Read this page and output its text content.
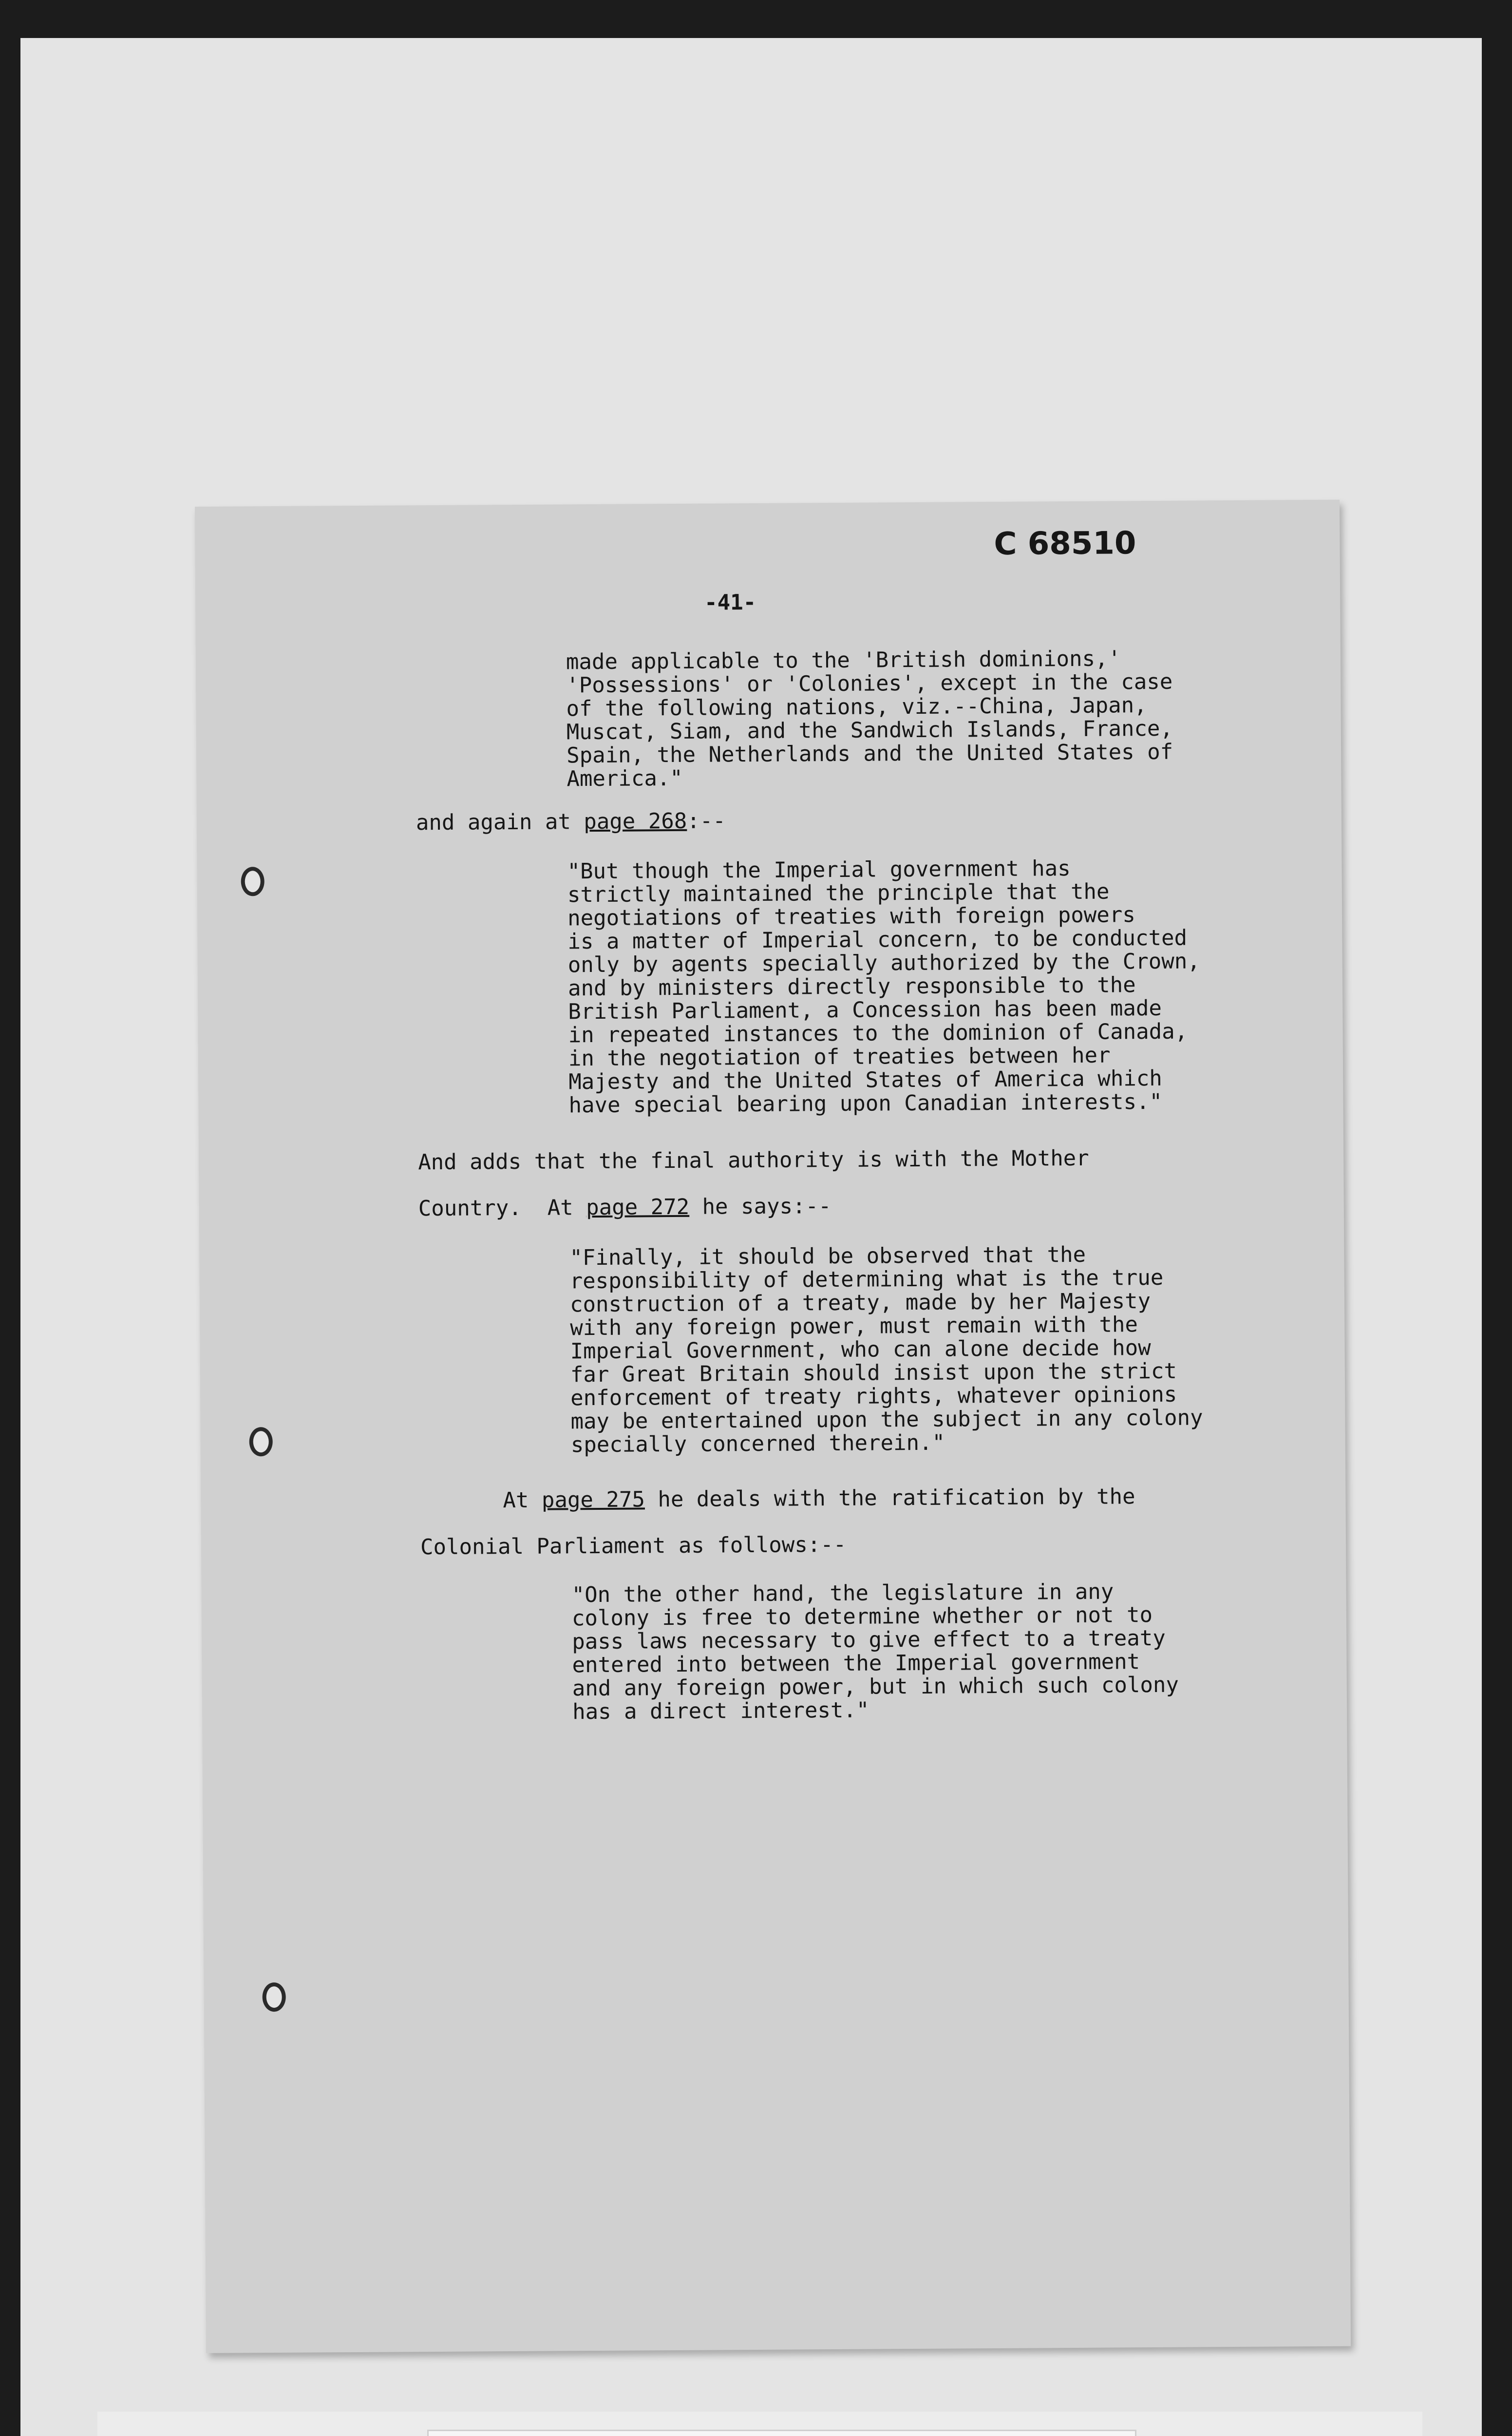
C 68510
-41-
made applicable to the 'British dominions,'
'Possessions' or 'Colonies', except in the case
of the following nations, viz.--China, Japan,
Muscat, Siam, and the Sandwich Islands, France,
Spain, the Netherlands and the United States of
America."
and again at page 268:--
"But though the Imperial government has
strictly maintained the principle that the
negotiations of treaties with foreign powers
is a matter of Imperial concern, to be conducted
only by agents specially authorized by the Crown,
and by ministers directly responsible to the
British Parliament, a Concession has been made
in repeated instances to the dominion of Canada,
in the negotiation of treaties between her
Majesty and the United States of America which
have special bearing upon Canadian interests."
And adds that the final authority is with the Mother
Country.  At page 272 he says:--
"Finally, it should be observed that the
responsibility of determining what is the true
construction of a treaty, made by her Majesty
with any foreign power, must remain with the
Imperial Government, who can alone decide how
far Great Britain should insist upon the strict
enforcement of treaty rights, whatever opinions
may be entertained upon the subject in any colony
specially concerned therein."
At page 275 he deals with the ratification by the
Colonial Parliament as follows:--
"On the other hand, the legislature in any
colony is free to determine whether or not to
pass laws necessary to give effect to a treaty
entered into between the Imperial government
and any foreign power, but in which such colony
has a direct interest."
